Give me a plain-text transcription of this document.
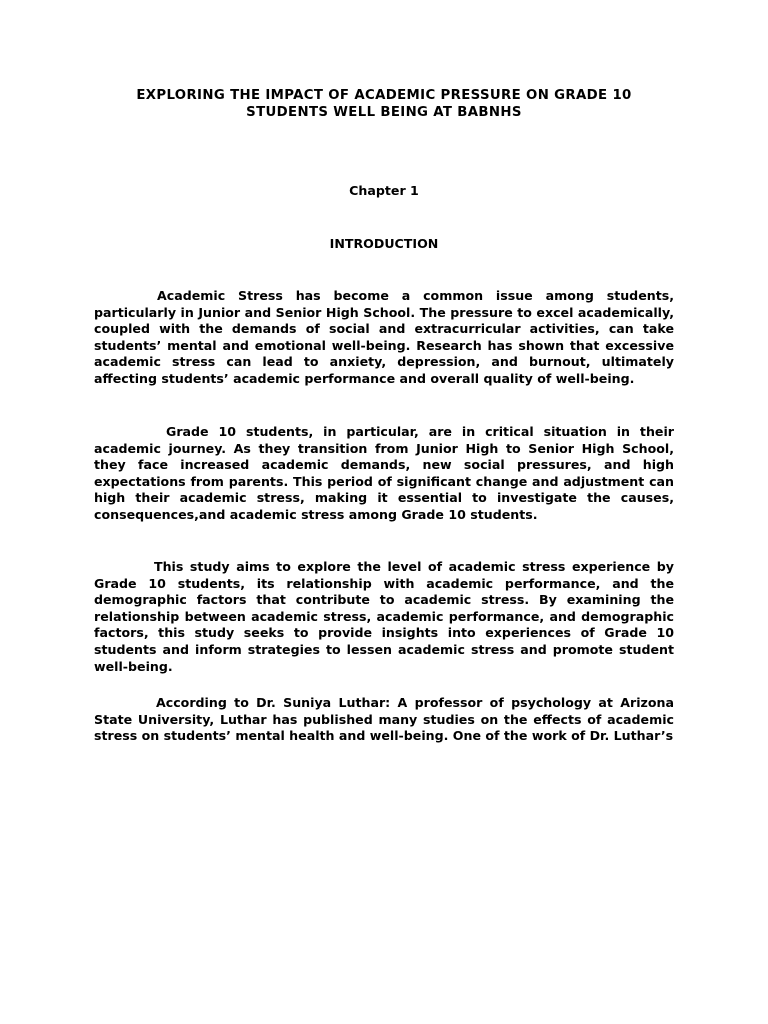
EXPLORING THE IMPACT OF ACADEMIC PRESSURE ON GRADE 10 STUDENTS WELL BEING AT BABNHS
Chapter 1
INTRODUCTION

Academic Stress has become a common issue among students, particularly in Junior and Senior High School. The pressure to excel academically, coupled with the demands of social and extracurricular activities, can take students’ mental and emotional well-being. Research has shown that excessive academic stress can lead to anxiety, depression, and burnout, ultimately affecting students’ academic performance and overall quality of well-being.

Grade 10 students, in particular, are in critical situation in their academic journey. As they transition from Junior High to Senior High School, they face increased academic demands, new social pressures, and high expectations from parents. This period of significant change and adjustment can high their academic stress, making it essential to investigate the causes, consequences,and academic stress among Grade 10 students.

This study aims to explore the level of academic stress experience by Grade 10 students, its relationship with academic performance, and the demographic factors that contribute to academic stress. By examining the relationship between academic stress, academic performance, and demographic factors, this study seeks to provide insights into experiences of Grade 10 students and inform strategies to lessen academic stress and promote student well-being.

According to Dr. Suniya Luthar: A professor of psychology at Arizona State University, Luthar has published many studies on the effects of academic stress on students’ mental health and well-being. One of the work of Dr. Luthar’s
